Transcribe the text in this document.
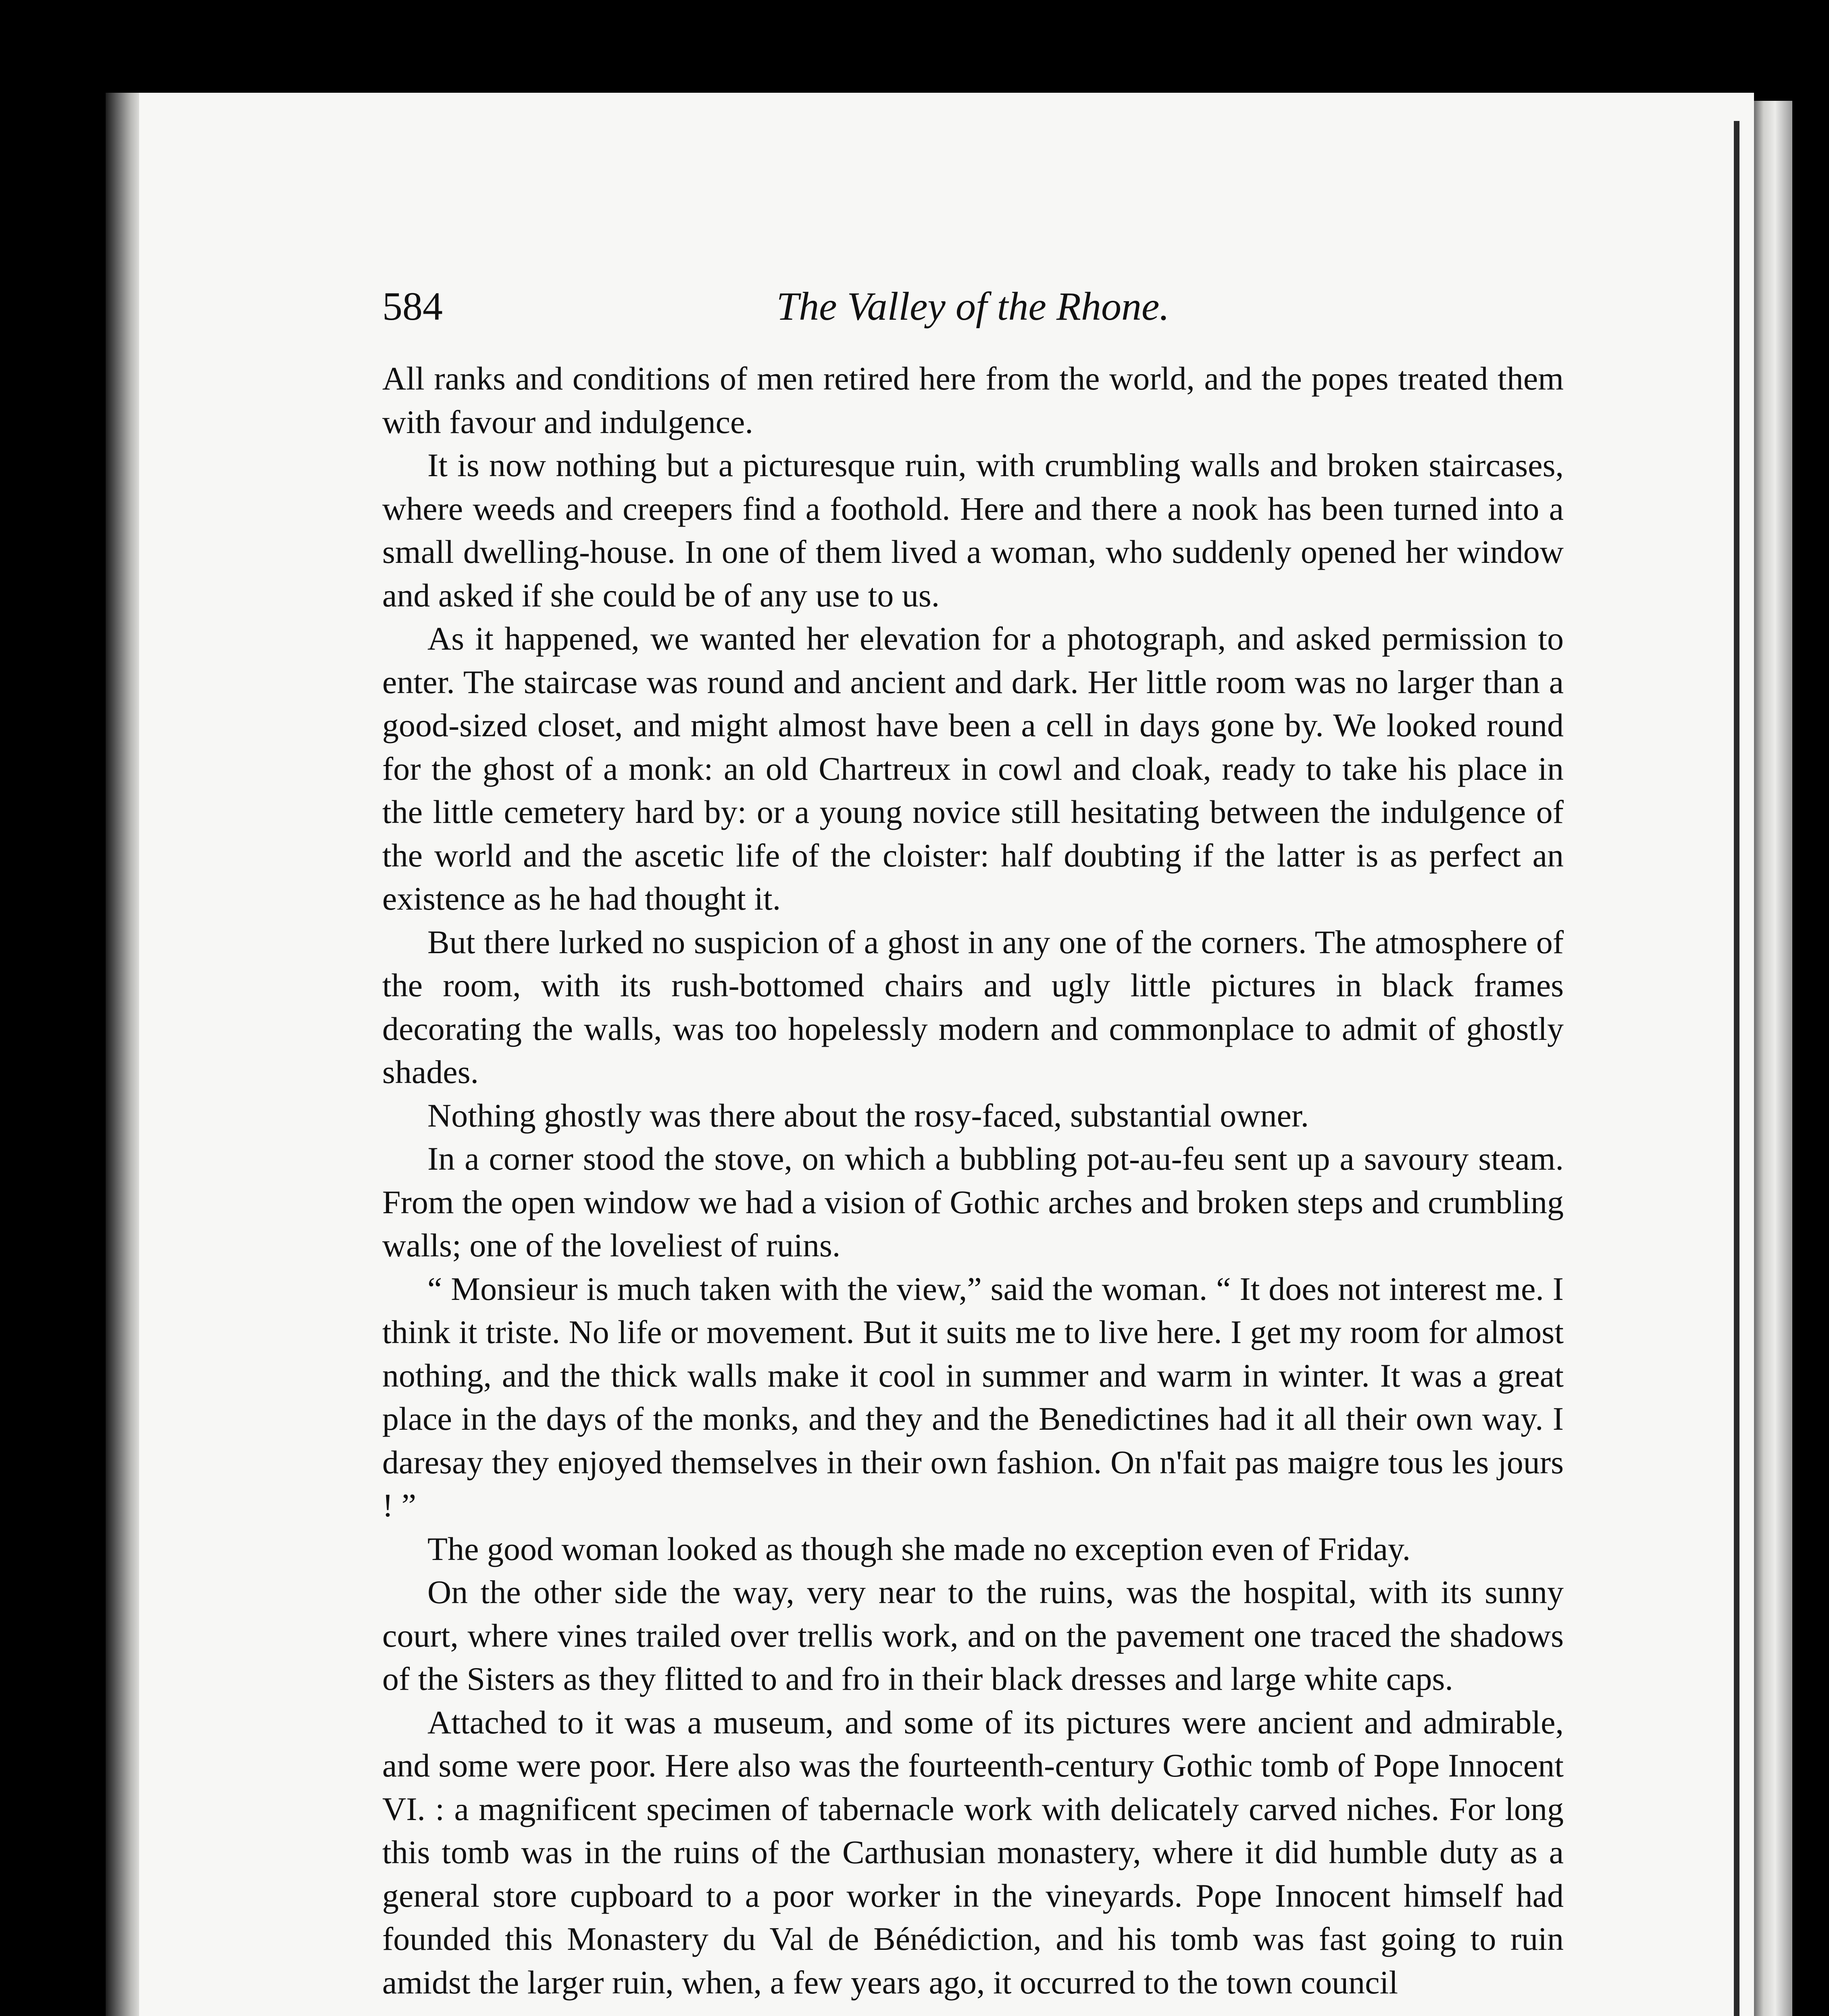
584	The Valley of the Rhone.

All ranks and conditions of men retired here from the world, and the popes treated them with favour and indulgence.

It is now nothing but a picturesque ruin, with crumbling walls and broken staircases, where weeds and creepers find a foothold. Here and there a nook has been turned into a small dwelling-house. In one of them lived a woman, who suddenly opened her window and asked if she could be of any use to us.

As it happened, we wanted her elevation for a photograph, and asked permission to enter. The staircase was round and ancient and dark. Her little room was no larger than a good-sized closet, and might almost have been a cell in days gone by. We looked round for the ghost of a monk: an old Chartreux in cowl and cloak, ready to take his place in the little cemetery hard by: or a young novice still hesitating between the indulgence of the world and the ascetic life of the cloister: half doubting if the latter is as perfect an existence as he had thought it.

But there lurked no suspicion of a ghost in any one of the corners. The atmosphere of the room, with its rush-bottomed chairs and ugly little pictures in black frames decorating the walls, was too hopelessly modern and commonplace to admit of ghostly shades.

Nothing ghostly was there about the rosy-faced, substantial owner.

In a corner stood the stove, on which a bubbling pot-au-feu sent up a savoury steam. From the open window we had a vision of Gothic arches and broken steps and crumbling walls; one of the loveliest of ruins.

“ Monsieur is much taken with the view,” said the woman. “ It does not interest me. I think it triste. No life or movement. But it suits me to live here. I get my room for almost nothing, and the thick walls make it cool in summer and warm in winter. It was a great place in the days of the monks, and they and the Benedictines had it all their own way. I daresay they enjoyed themselves in their own fashion. On n'fait pas maigre tous les jours ! ”

The good woman looked as though she made no exception even of Friday.

On the other side the way, very near to the ruins, was the hospital, with its sunny court, where vines trailed over trellis work, and on the pavement one traced the shadows of the Sisters as they flitted to and fro in their black dresses and large white caps.

Attached to it was a museum, and some of its pictures were ancient and admirable, and some were poor. Here also was the fourteenth-century Gothic tomb of Pope Innocent VI. : a magnificent specimen of tabernacle work with delicately carved niches. For long this tomb was in the ruins of the Carthusian monastery, where it did humble duty as a general store cupboard to a poor worker in the vineyards. Pope Innocent himself had founded this Monastery du Val de Bénédiction, and his tomb was fast going to ruin amidst the larger ruin, when, a few years ago, it occurred to the town council
